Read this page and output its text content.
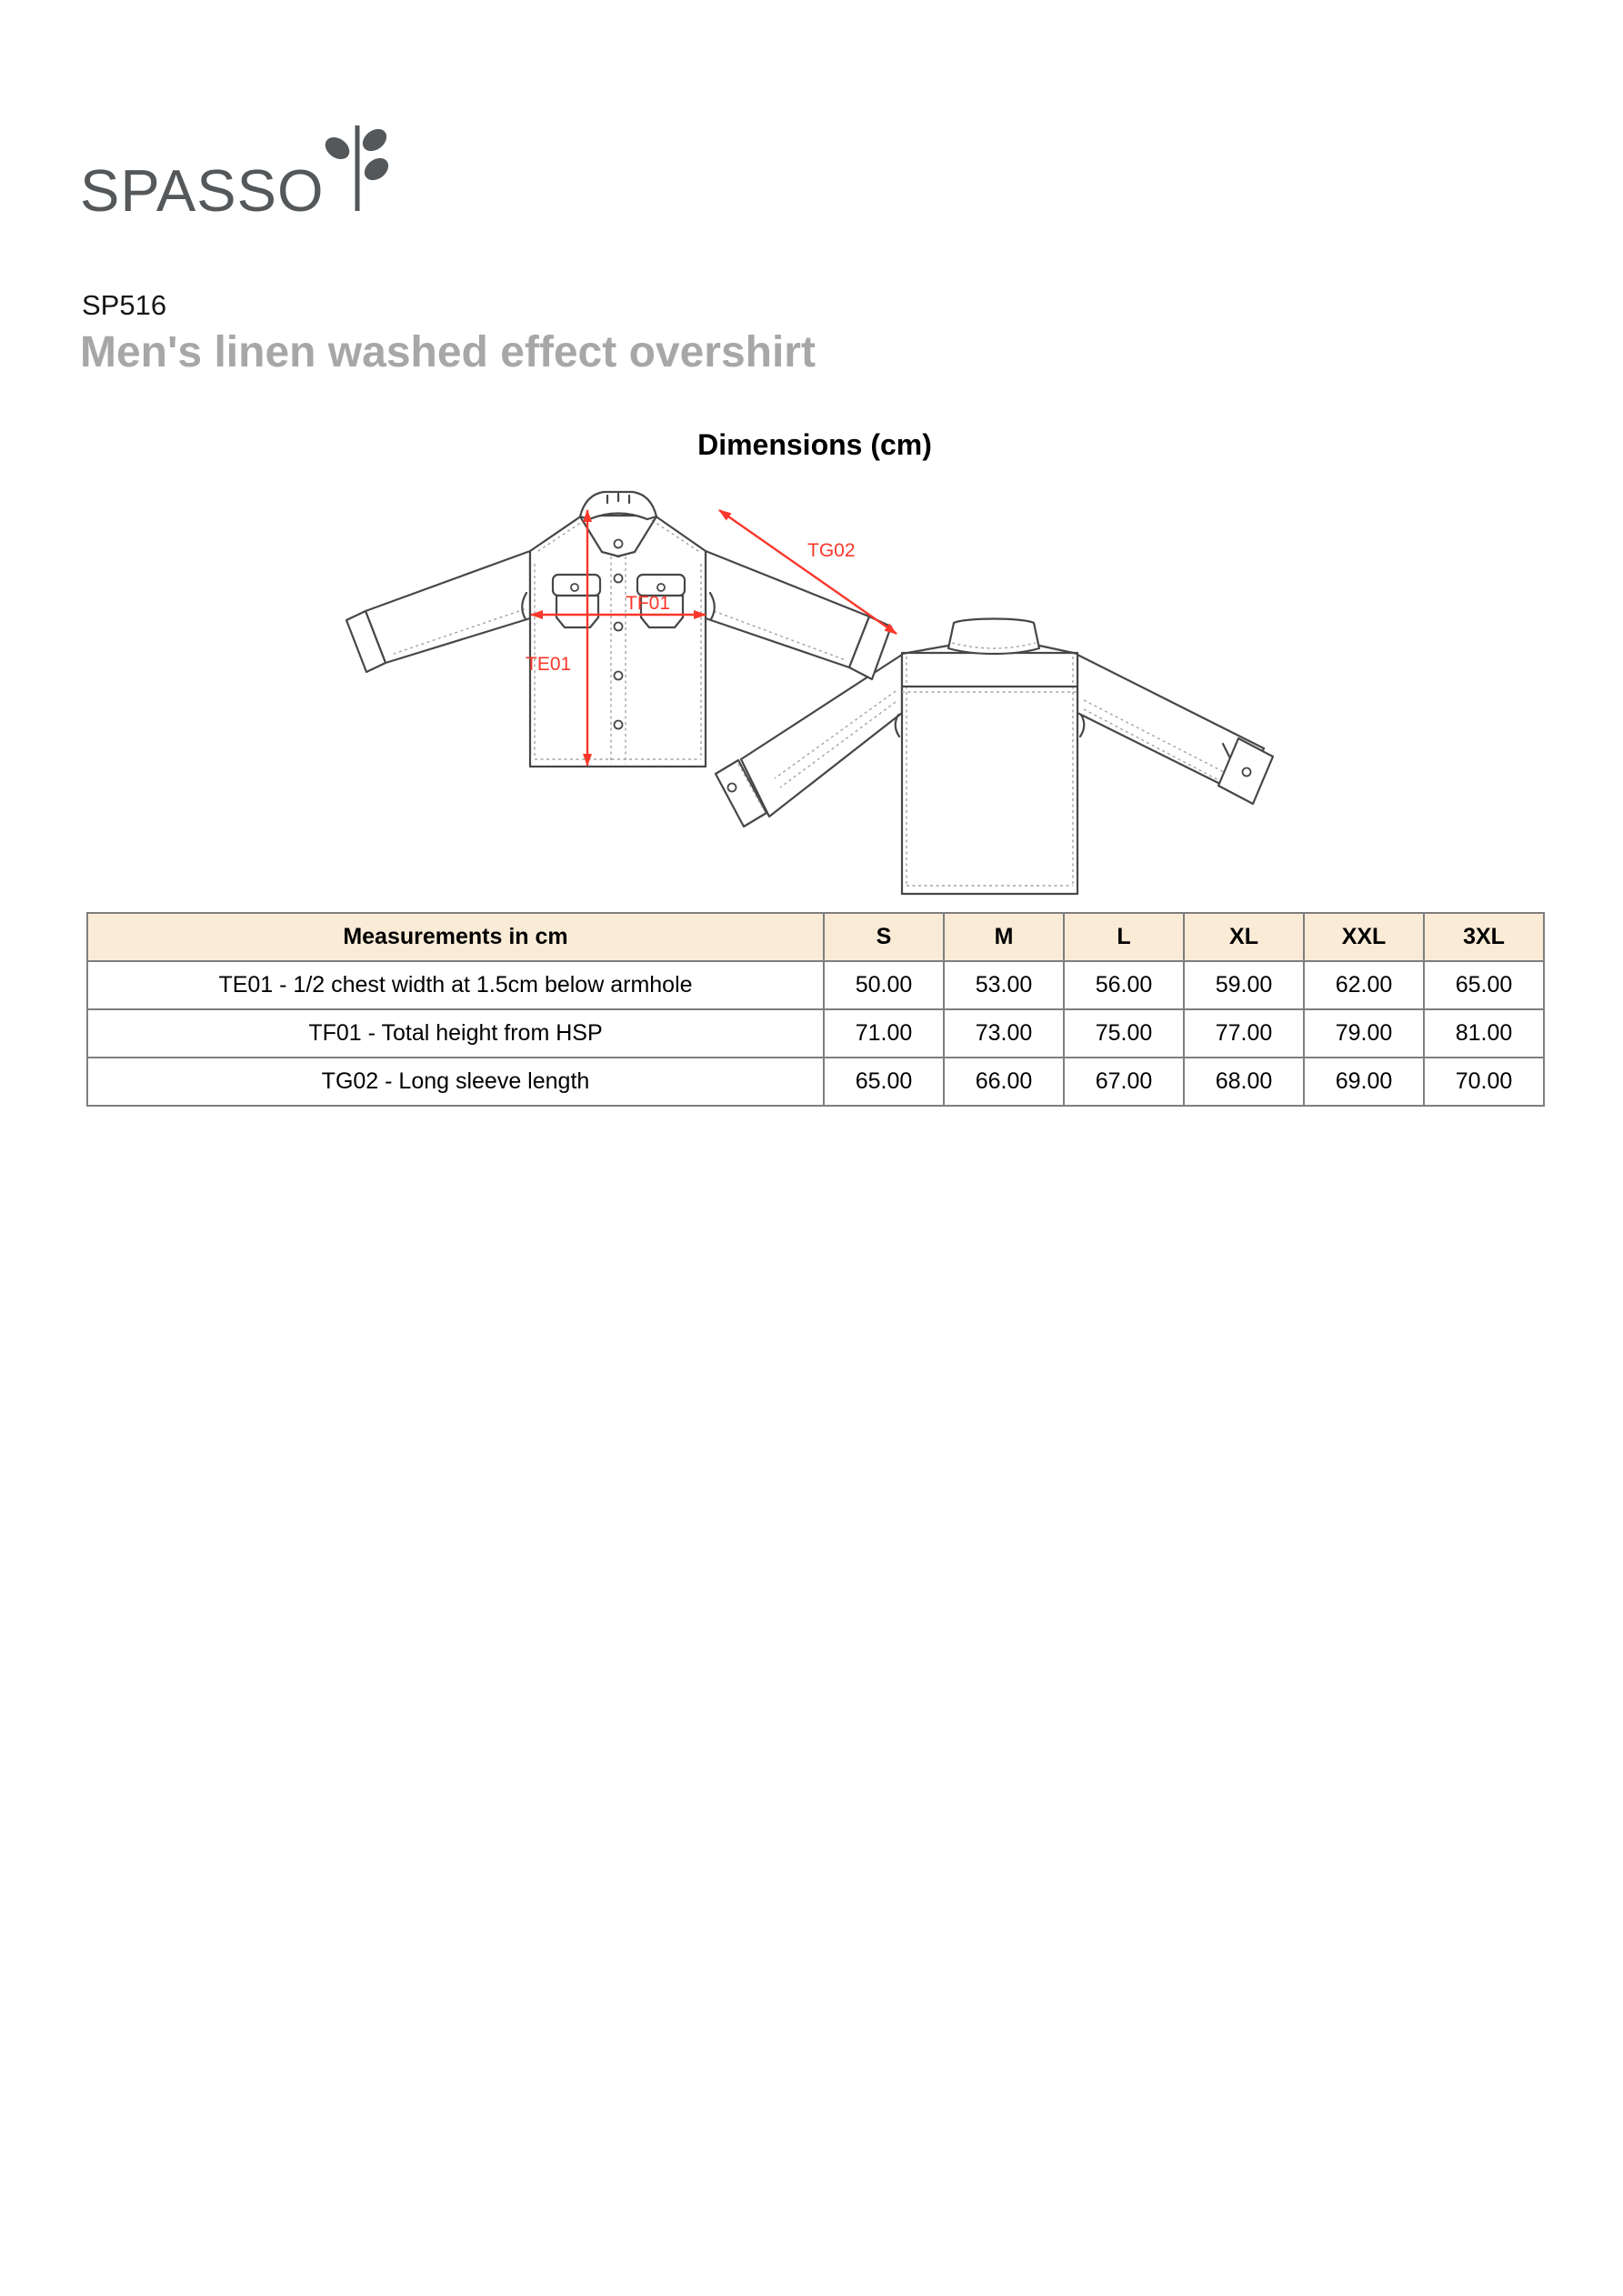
SPASSO
SP516
Men's linen washed effect overshirt
Dimensions (cm)
TF01
TE01
TG02
Measurements in cm	S	M	L	XL	XXL	3XL
TE01 - 1/2 chest width at 1.5cm below armhole	50.00	53.00	56.00	59.00	62.00	65.00
TF01 - Total height from HSP	71.00	73.00	75.00	77.00	79.00	81.00
TG02 - Long sleeve length	65.00	66.00	67.00	68.00	69.00	70.00
